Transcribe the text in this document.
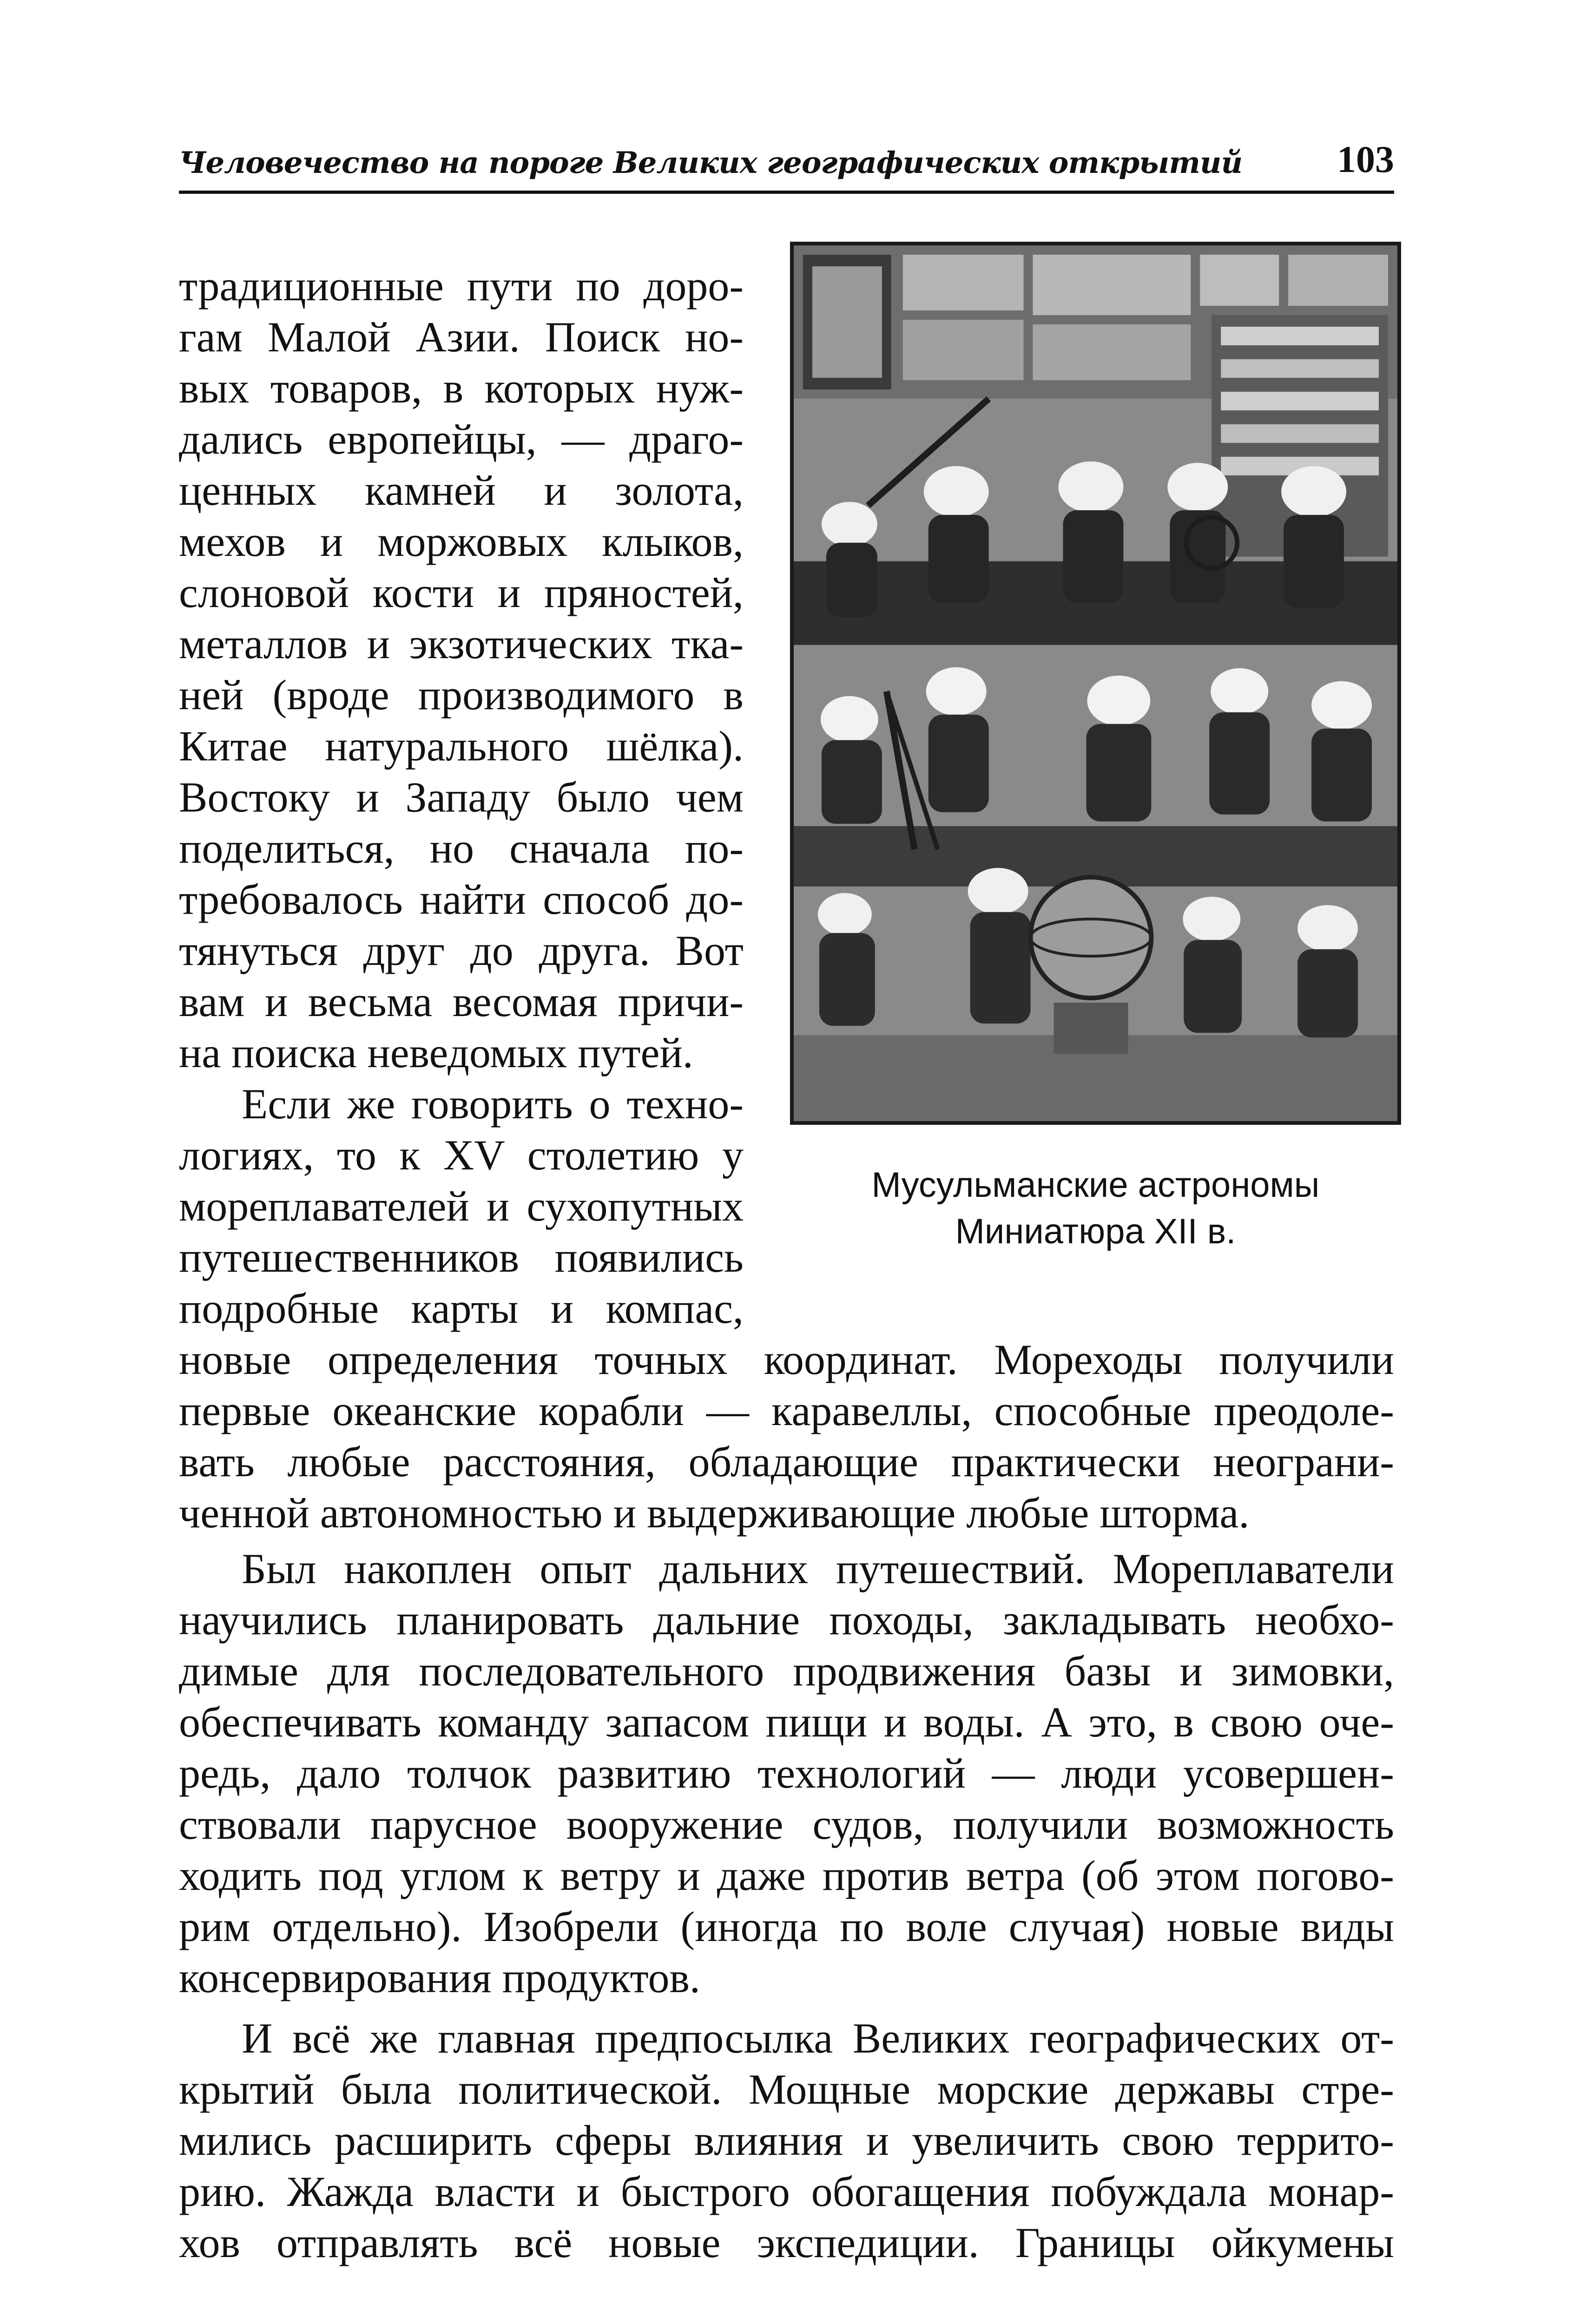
Человечество на пороге Великих географических открытий 103
Мусульманские астрономы
Миниатюра XII в.
традиционные пути по доро-
гам Малой Азии. Поиск но-
вых товаров, в которых нуж-
дались европейцы, — драго-
ценных камней и золота,
мехов и моржовых клыков,
слоновой кости и пряностей,
металлов и экзотических тка-
ней (вроде производимого в
Китае натурального шёлка).
Востоку и Западу было чем
поделиться, но сначала по-
требовалось найти способ до-
тянуться друг до друга. Вот
вам и весьма весомая причи-
на поиска неведомых путей.
Если же говорить о техно-
логиях, то к XV столетию у
мореплавателей и сухопутных
путешественников появились
подробные карты и компас,
новые определения точных координат. Мореходы получили
первые океанские корабли — каравеллы, способные преодоле-
вать любые расстояния, обладающие практически неограни-
ченной автономностью и выдерживающие любые шторма.
Был накоплен опыт дальних путешествий. Мореплаватели
научились планировать дальние походы, закладывать необхо-
димые для последовательного продвижения базы и зимовки,
обеспечивать команду запасом пищи и воды. А это, в свою оче-
редь, дало толчок развитию технологий — люди усовершен-
ствовали парусное вооружение судов, получили возможность
ходить под углом к ветру и даже против ветра (об этом погово-
рим отдельно). Изобрели (иногда по воле случая) новые виды
консервирования продуктов.
И всё же главная предпосылка Великих географических от-
крытий была политической. Мощные морские державы стре-
мились расширить сферы влияния и увеличить свою террито-
рию. Жажда власти и быстрого обогащения побуждала монар-
хов отправлять всё новые экспедиции. Границы ойкумены
